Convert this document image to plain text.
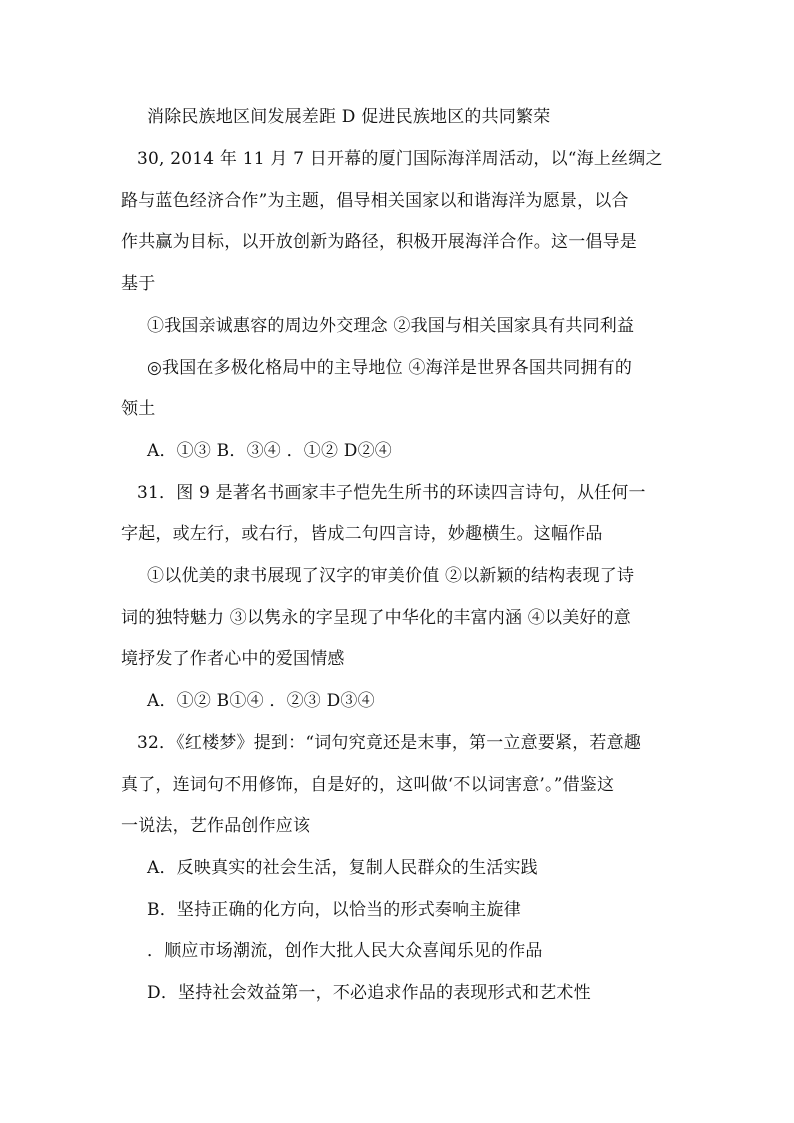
消除民族地区间发展差距 D 促进民族地区的共同繁荣
30, 2014 年 11 月 7 日开幕的厦门国际海洋周活动，以“海上丝绸之
路与蓝色经济合作”为主题，倡导相关国家以和谐海洋为愿景，以合
作共赢为目标，以开放创新为路径，积极开展海洋合作。这一倡导是
基于
①我国亲诚惠容的周边外交理念 ②我国与相关国家具有共同利益
◎我国在多极化格局中的主导地位 ④海洋是世界各国共同拥有的
领土
A．①③ B．③④ ．①② D②④
31．图 9 是著名书画家丰子恺先生所书的环读四言诗句，从任何一
字起，或左行，或右行，皆成二句四言诗，妙趣横生。这幅作品
①以优美的隶书展现了汉字的审美价值 ②以新颖的结构表现了诗
词的独特魅力 ③以隽永的字呈现了中华化的丰富内涵 ④以美好的意
境抒发了作者心中的爱国情感
A．①② B①④ ．②③ D③④
32．《红楼梦》提到：“词句究竟还是末事，第一立意要紧，若意趣
真了，连词句不用修饰，自是好的，这叫做‘不以词害意’。”借鉴这
一说法，艺作品创作应该
A．反映真实的社会生活，复制人民群众的生活实践
B．坚持正确的化方向，以恰当的形式奏响主旋律
．顺应市场潮流，创作大批人民大众喜闻乐见的作品
D．坚持社会效益第一，不必追求作品的表现形式和艺术性
